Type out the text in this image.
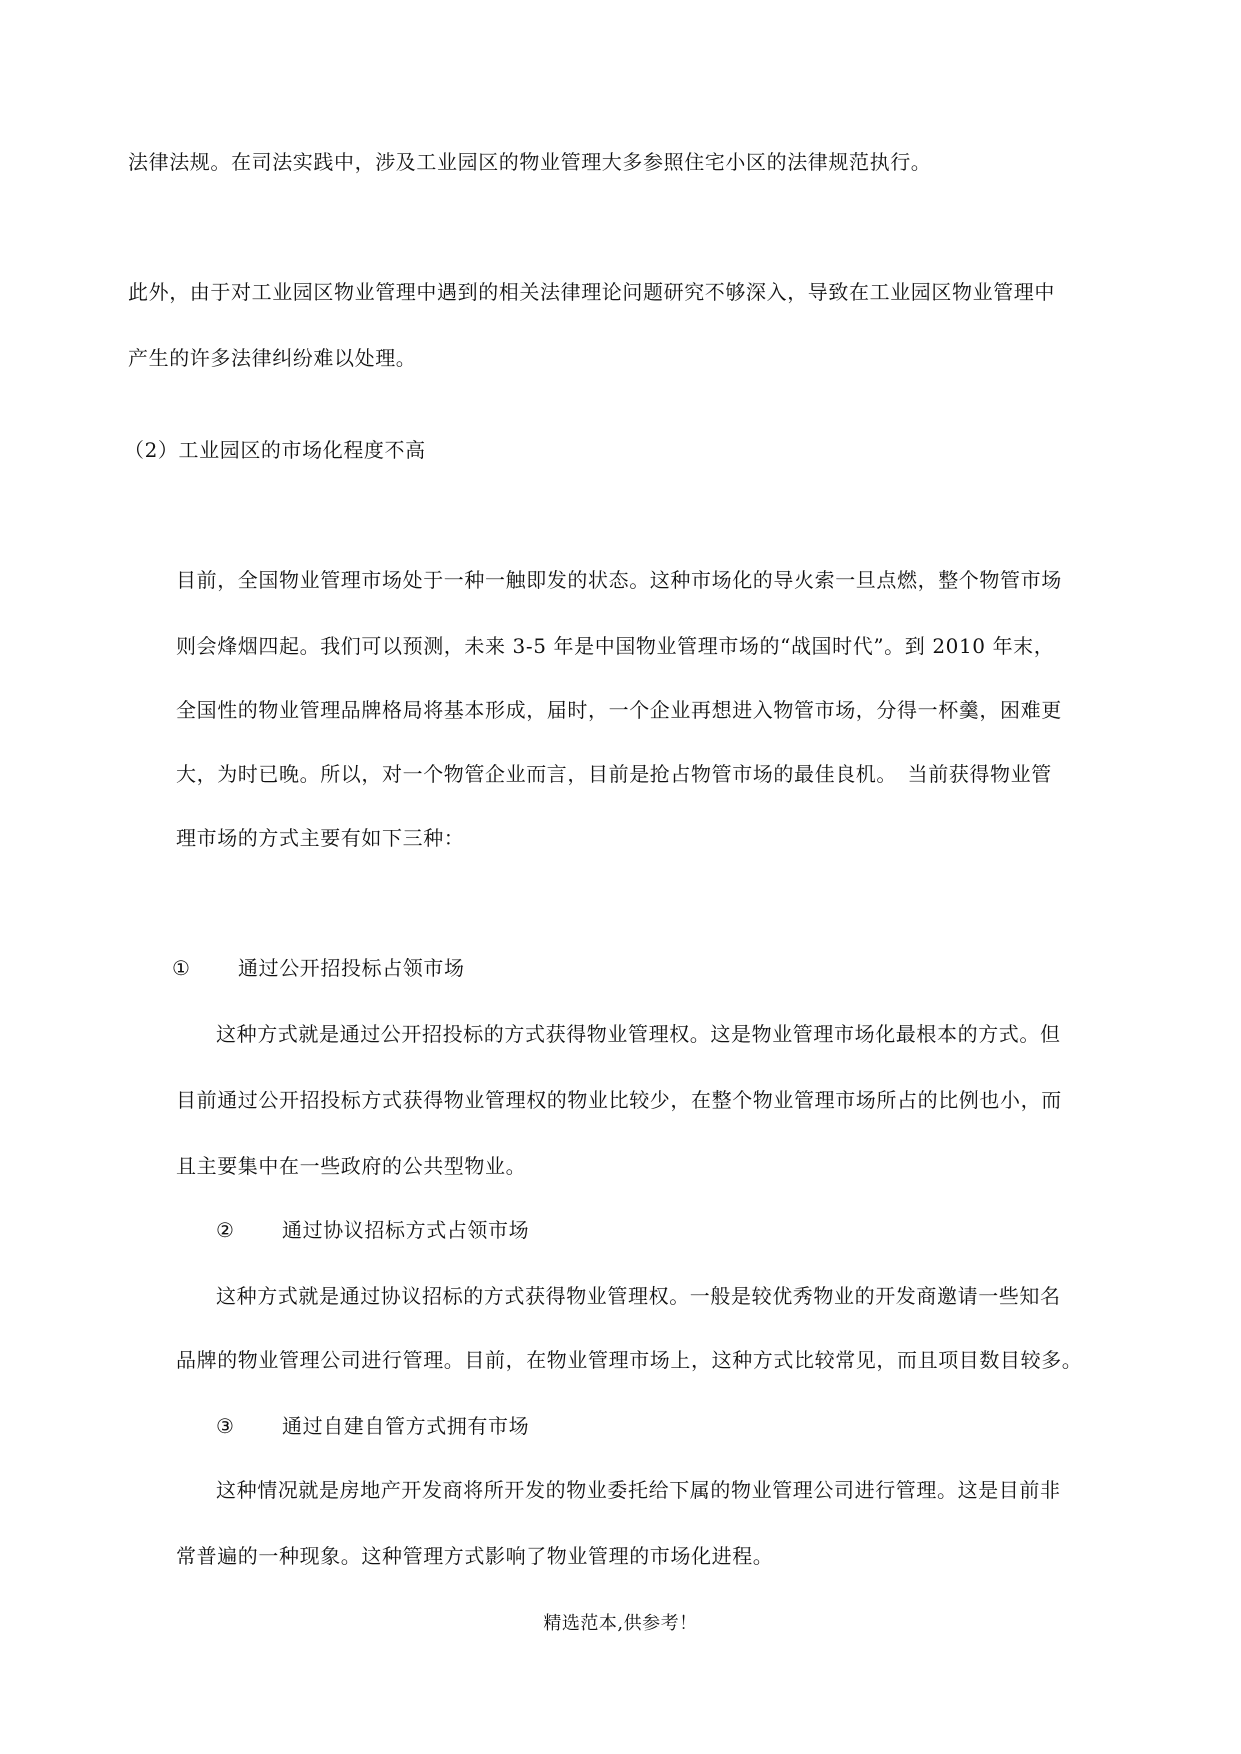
法律法规。在司法实践中，涉及工业园区的物业管理大多参照住宅小区的法律规范执行。
此外，由于对工业园区物业管理中遇到的相关法律理论问题研究不够深入，导致在工业园区物业管理中
产生的许多法律纠纷难以处理。
（2）工业园区的市场化程度不高
目前，全国物业管理市场处于一种一触即发的状态。这种市场化的导火索一旦点燃，整个物管市场
则会烽烟四起。我们可以预测，未来 3-5 年是中国物业管理市场的“战国时代”。到 2010 年末，
全国性的物业管理品牌格局将基本形成，届时，一个企业再想进入物管市场，分得一杯羹，困难更
大，为时已晚。所以，对一个物管企业而言，目前是抢占物管市场的最佳良机。　当前获得物业管
理市场的方式主要有如下三种：
① 通过公开招投标占领市场
这种方式就是通过公开招投标的方式获得物业管理权。这是物业管理市场化最根本的方式。但
目前通过公开招投标方式获得物业管理权的物业比较少，在整个物业管理市场所占的比例也小，而
且主要集中在一些政府的公共型物业。
② 通过协议招标方式占领市场
这种方式就是通过协议招标的方式获得物业管理权。一般是较优秀物业的开发商邀请一些知名
品牌的物业管理公司进行管理。目前，在物业管理市场上，这种方式比较常见，而且项目数目较多。
③ 通过自建自管方式拥有市场
这种情况就是房地产开发商将所开发的物业委托给下属的物业管理公司进行管理。这是目前非
常普遍的一种现象。这种管理方式影响了物业管理的市场化进程。
精选范本,供参考！
